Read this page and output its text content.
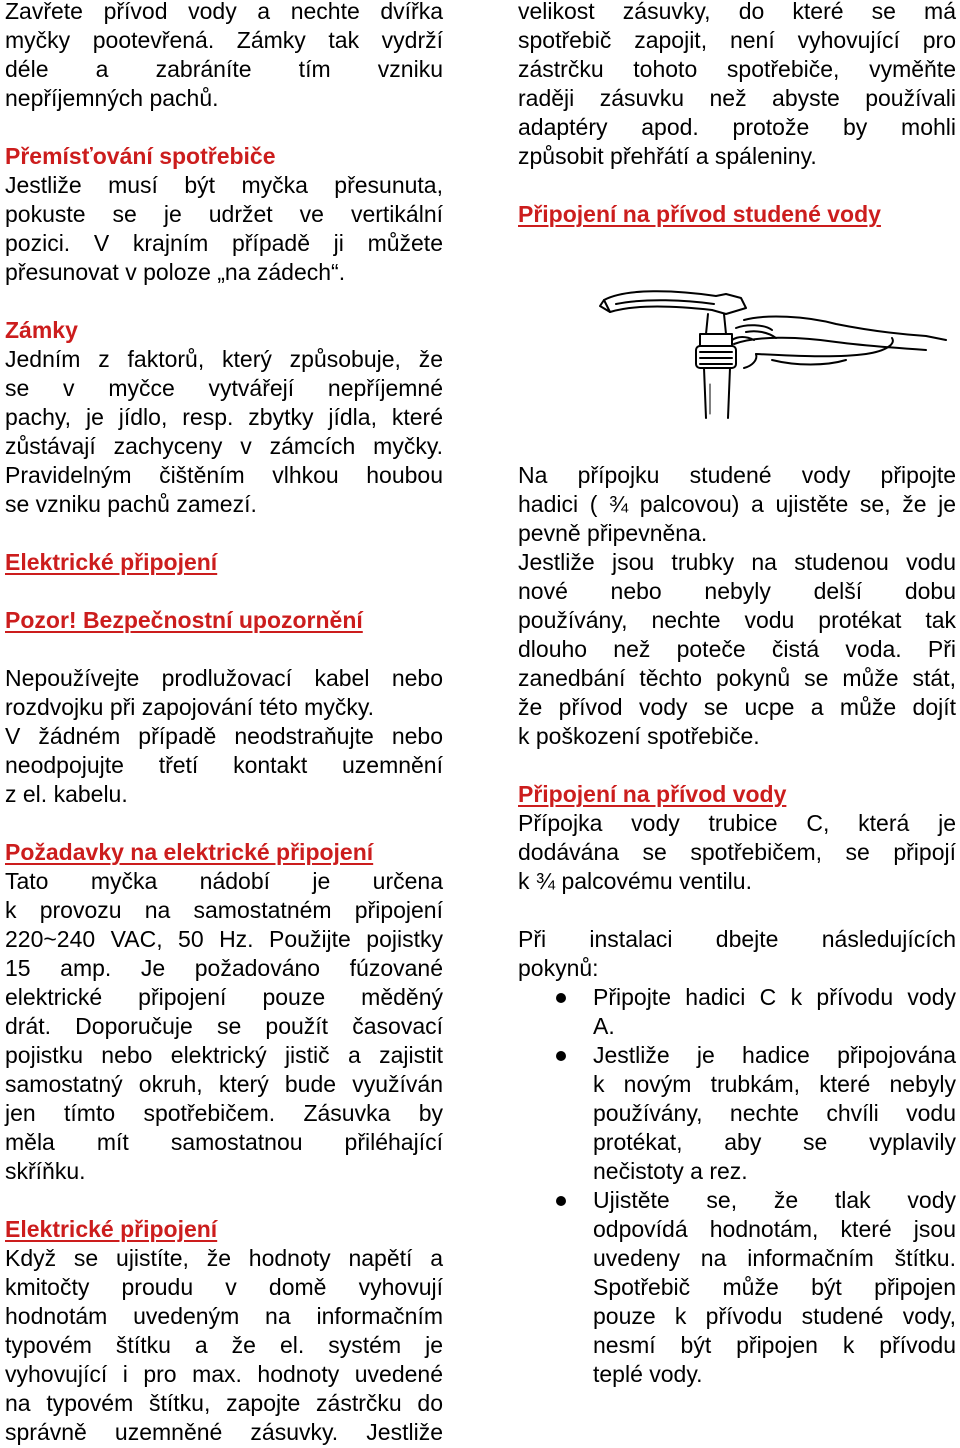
Zavřete přívod vody a nechte dvířka
myčky pootevřená. Zámky tak vydrží
déle a zabráníte tím vzniku
nepříjemných pachů.
Přemísťování spotřebiče
Jestliže musí být myčka přesunuta,
pokuste se je udržet ve vertikální
pozici. V krajním případě ji můžete
přesunovat v poloze „na zádech“.
Zámky
Jedním z faktorů, který způsobuje, že
se v myčce vytvářejí nepříjemné
pachy, je jídlo, resp. zbytky jídla, které
zůstávají zachyceny v zámcích myčky.
Pravidelným čištěním vlhkou houbou
se vzniku pachů zamezí.
Elektrické připojení
Pozor! Bezpečnostní upozornění
Nepoužívejte prodlužovací kabel nebo
rozdvojku při zapojování této myčky.
V žádném případě neodstraňujte nebo
neodpojujte třetí kontakt uzemnění
z el. kabelu.
Požadavky na elektrické připojení
Tato myčka nádobí je určena
k provozu na samostatném připojení
220~240 VAC, 50 Hz. Použijte pojistky
15 amp. Je požadováno fúzované
elektrické připojení pouze měděný
drát. Doporučuje se použít časovací
pojistku nebo elektrický jistič a zajistit
samostatný okruh, který bude využíván
jen tímto spotřebičem. Zásuvka by
měla mít samostatnou přiléhající
skříňku.
Elektrické připojení
Když se ujistíte, že hodnoty napětí a
kmitočty proudu v domě vyhovují
hodnotám uvedeným na informačním
typovém štítku a že el. systém je
vyhovující i pro max. hodnoty uvedené
na typovém štítku, zapojte zástrčku do
správně uzemněné zásuvky. Jestliže
velikost zásuvky, do které se má
spotřebič zapojit, není vyhovující pro
zástrčku tohoto spotřebiče, vyměňte
raději zásuvku než abyste používali
adaptéry apod. protože by mohli
způsobit přehřátí a spáleniny.
Připojení na přívod studené vody
Na přípojku studené vody připojte
hadici ( ¾ palcovou) a ujistěte se, že je
pevně připevněna.
Jestliže jsou trubky na studenou vodu
nové nebo nebyly delší dobu
používány, nechte vodu protékat tak
dlouho než poteče čistá voda. Při
zanedbání těchto pokynů se může stát,
že přívod vody se ucpe a může dojít
k poškození spotřebiče.
Připojení na přívod vody
Přípojka vody trubice C, která je
dodávána se spotřebičem, se připojí
k ¾ palcovému ventilu.
Při instalaci dbejte následujících
pokynů:
Připojte hadici C k přívodu vody
A.
Jestliže je hadice připojována
k novým trubkám, které nebyly
používány, nechte chvíli vodu
protékat, aby se vyplavily
nečistoty a rez.
Ujistěte se, že tlak vody
odpovídá hodnotám, které jsou
uvedeny na informačním štítku.
Spotřebič může být připojen
pouze k přívodu studené vody,
nesmí být připojen k přívodu
teplé vody.
